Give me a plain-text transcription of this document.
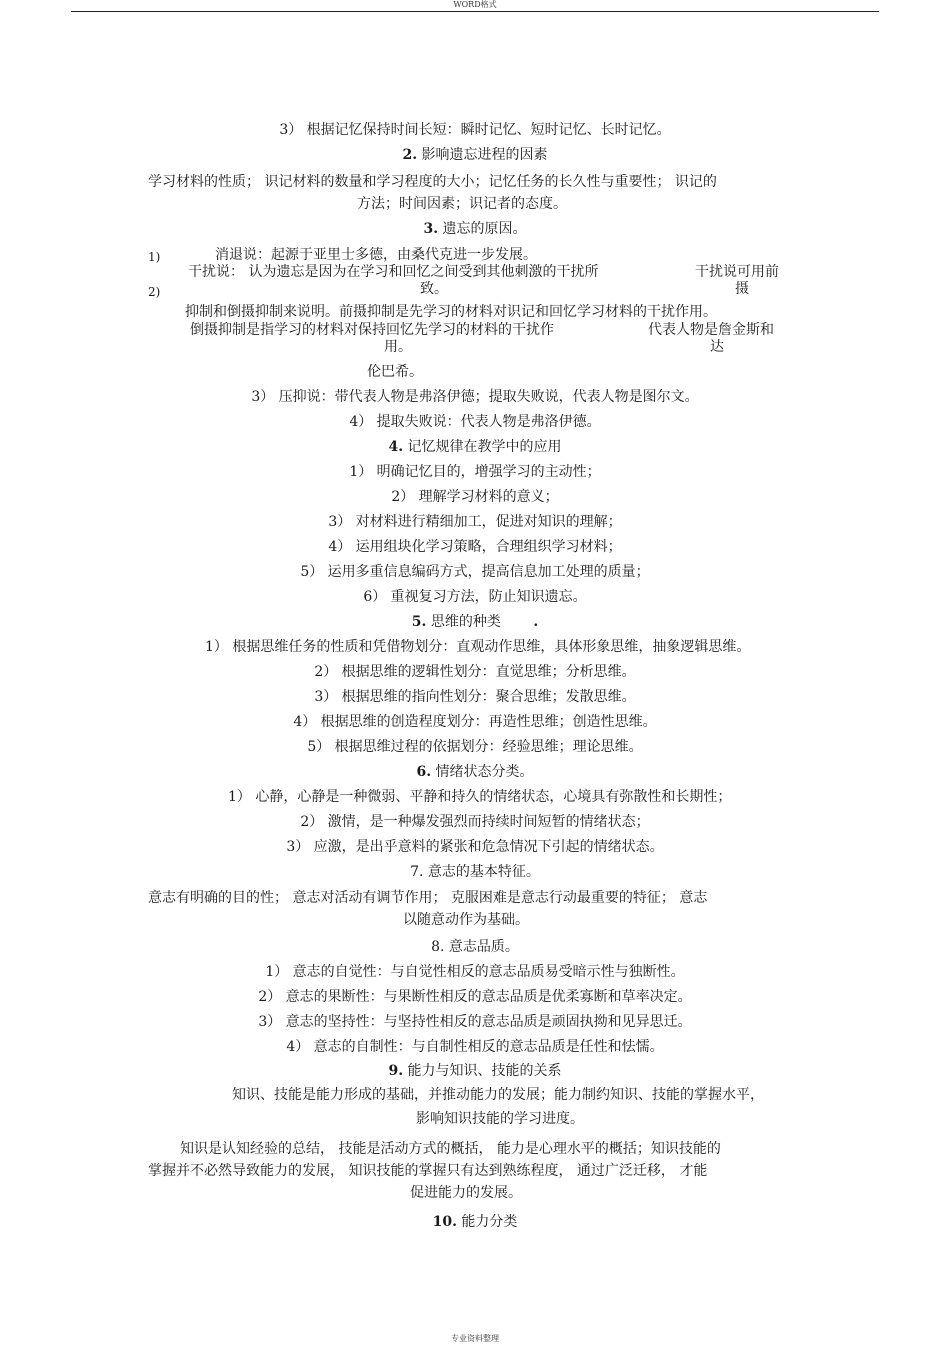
WORD格式
3） 根据记忆保持时间长短：瞬时记忆、短时记忆、长时记忆。
2. 影响遗忘进程的因素
学习材料的性质； 识记材料的数量和学习程度的大小；记忆任务的长久性与重要性； 识记的
方法；时间因素；识记者的态度。
3. 遗忘的原因。
1)	消退说：起源于亚里士多德，由桑代克进一步发展。
干扰说： 认为遗忘是因为在学习和回忆之间受到其他刺激的干扰所	干扰说可用前
2)	致。	摄
抑制和倒摄抑制来说明。前摄抑制是先学习的材料对识记和回忆学习材料的干扰作用。
倒摄抑制是指学习的材料对保持回忆先学习的材料的干扰作	代表人物是詹金斯和
用。	达
伦巴希。
3） 压抑说：带代表人物是弗洛伊德；提取失败说，代表人物是图尔文。
4） 提取失败说：代表人物是弗洛伊德。
4. 记忆规律在教学中的应用
1） 明确记忆目的，增强学习的主动性；
2） 理解学习材料的意义；
3） 对材料进行精细加工，促进对知识的理解；
4） 运用组块化学习策略，合理组织学习材料；
5） 运用多重信息编码方式，提高信息加工处理的质量；
6） 重视复习方法，防止知识遗忘。
5. 思维的种类 .
1） 根据思维任务的性质和凭借物划分：直观动作思维，具体形象思维，抽象逻辑思维。
2） 根据思维的逻辑性划分：直觉思维；分析思维。
3） 根据思维的指向性划分：聚合思维；发散思维。
4） 根据思维的创造程度划分：再造性思维；创造性思维。
5） 根据思维过程的依据划分：经验思维；理论思维。
6. 情绪状态分类。
1） 心静，心静是一种微弱、平静和持久的情绪状态，心境具有弥散性和长期性；
2） 激情，是一种爆发强烈而持续时间短暂的情绪状态；
3） 应激，是出乎意料的紧张和危急情况下引起的情绪状态。
7. 意志的基本特征。
意志有明确的目的性； 意志对活动有调节作用； 克服困难是意志行动最重要的特征； 意志
以随意动作为基础。
8. 意志品质。
1） 意志的自觉性：与自觉性相反的意志品质易受暗示性与独断性。
2） 意志的果断性：与果断性相反的意志品质是优柔寡断和草率决定。
3） 意志的坚持性：与坚持性相反的意志品质是顽固执拗和见异思迁。
4） 意志的自制性：与自制性相反的意志品质是任性和怯懦。
9. 能力与知识、技能的关系
知识、技能是能力形成的基础，并推动能力的发展；能力制约知识、技能的掌握水平，
影响知识技能的学习进度。
知识是认知经验的总结， 技能是活动方式的概括， 能力是心理水平的概括；知识技能的
掌握并不必然导致能力的发展， 知识技能的掌握只有达到熟练程度， 通过广泛迁移， 才能
促进能力的发展。
10. 能力分类
专业资料整理
